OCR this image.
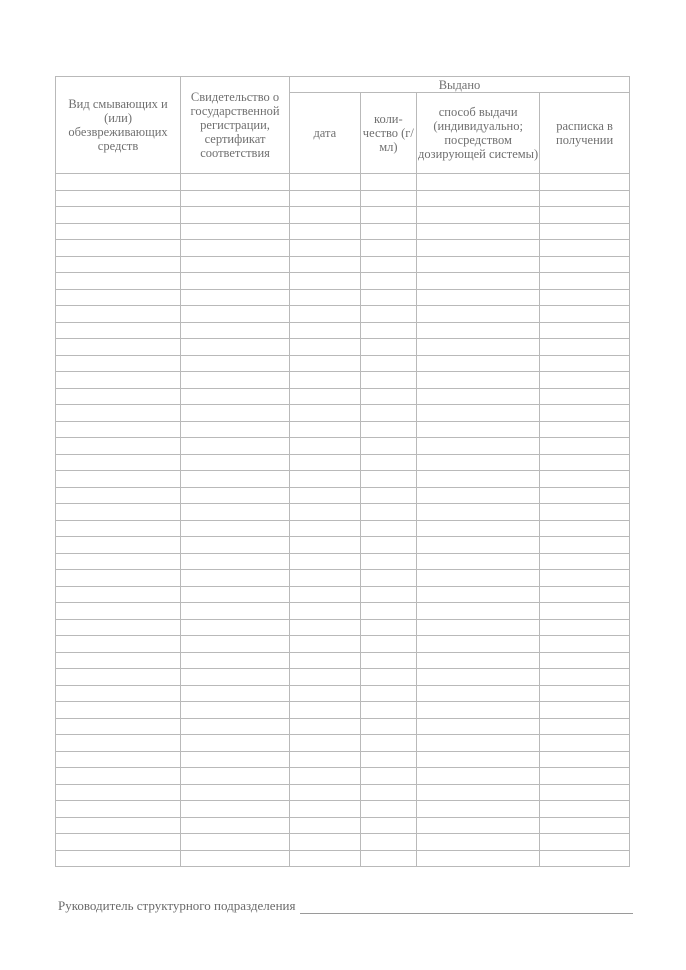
Вид смывающих и (или) обезвреживающих средств	Свидетельство о государственной регистрации, сертификат соответствия	Выдано			
		дата	коли-чество (г/мл)	способ выдачи (индивидуально; посредством дозирующей системы)	расписка в получении

Руководитель структурного подразделения
